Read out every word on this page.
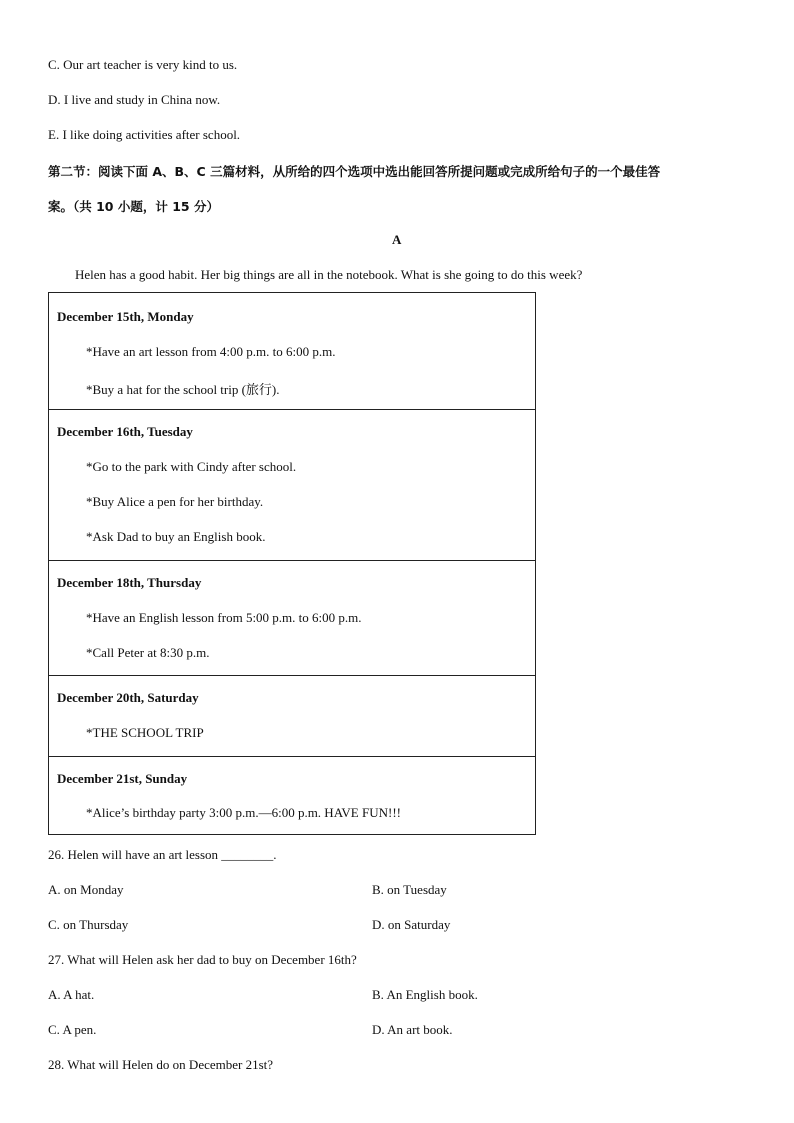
C. Our art teacher is very kind to us.
D. I live and study in China now.
E. I like doing activities after school.
第二节：阅读下面 A、B、C 三篇材料，从所给的四个选项中选出能回答所提问题或完成所给句子的一个最佳答
案。（共 10 小题，计 15 分）
A
Helen has a good habit. Her big things are all in the notebook. What is she going to do this week?
December 15th, Monday
*Have an art lesson from 4:00 p.m. to 6:00 p.m.
*Buy a hat for the school trip (旅行).
December 16th, Tuesday
*Go to the park with Cindy after school.
*Buy Alice a pen for her birthday.
*Ask Dad to buy an English book.
December 18th, Thursday
*Have an English lesson from 5:00 p.m. to 6:00 p.m.
*Call Peter at 8:30 p.m.
December 20th, Saturday
*THE SCHOOL TRIP
December 21st, Sunday
*Alice’s birthday party 3:00 p.m.—6:00 p.m. HAVE FUN!!!
26. Helen will have an art lesson ________.
A. on Monday	B. on Tuesday
C. on Thursday	D. on Saturday
27. What will Helen ask her dad to buy on December 16th?
A. A hat.	B. An English book.
C. A pen.	D. An art book.
28. What will Helen do on December 21st?
